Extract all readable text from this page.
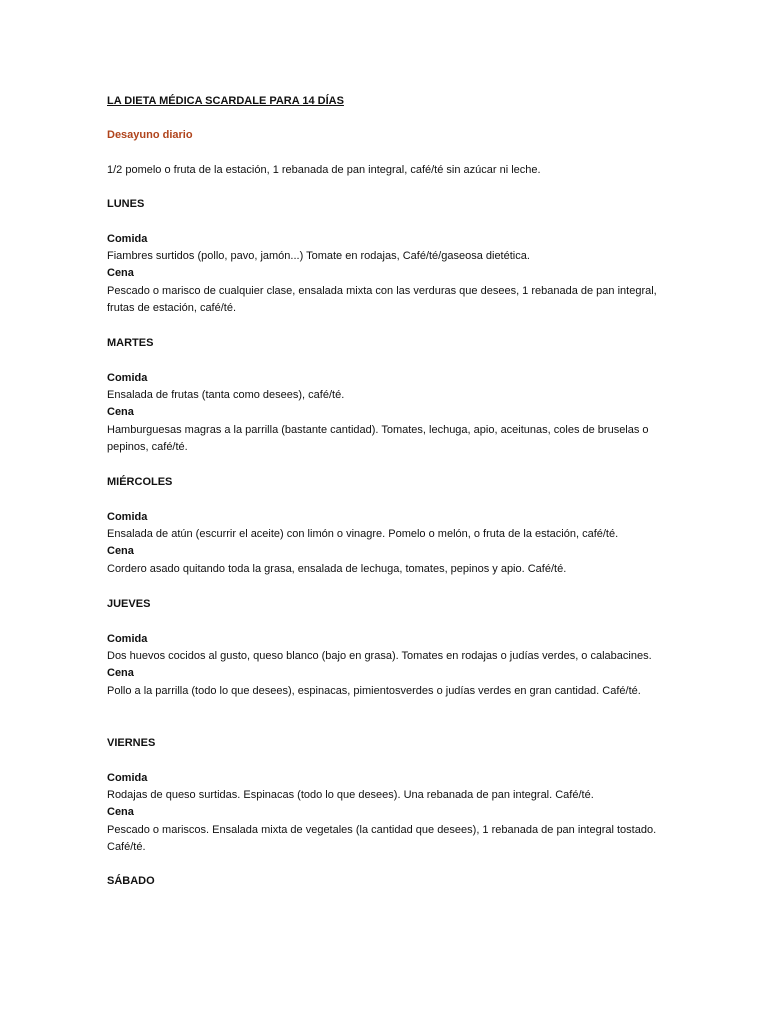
LA DIETA MÉDICA SCARDALE PARA 14 DÍAS
Desayuno diario
1/2 pomelo o fruta de la estación, 1 rebanada de pan integral, café/té sin azúcar ni leche.
LUNES
Comida
Fiambres surtidos (pollo, pavo, jamón...) Tomate en rodajas, Café/té/gaseosa dietética.
Cena
Pescado o marisco de cualquier clase, ensalada mixta con las verduras que desees, 1 rebanada de pan integral, frutas de estación, café/té.
MARTES
Comida
Ensalada de frutas (tanta como desees), café/té.
Cena
Hamburguesas magras a la parrilla (bastante cantidad). Tomates, lechuga, apio, aceitunas, coles de bruselas o pepinos, café/té.
MIÉRCOLES
Comida
Ensalada de atún (escurrir el aceite) con limón o vinagre. Pomelo o melón, o fruta de la estación, café/té.
Cena
Cordero asado quitando toda la grasa, ensalada de lechuga, tomates, pepinos y apio. Café/té.
JUEVES
Comida
Dos huevos cocidos al gusto, queso blanco (bajo en grasa). Tomates en rodajas o judías verdes, o calabacines.
Cena
Pollo a la parrilla (todo lo que desees), espinacas, pimientosverdes o judías verdes en gran cantidad. Café/té.
VIERNES
Comida
Rodajas de queso surtidas. Espinacas (todo lo que desees). Una rebanada de pan integral. Café/té.
Cena
Pescado o mariscos. Ensalada mixta de vegetales (la cantidad que desees), 1 rebanada de pan integral tostado. Café/té.
SÁBADO
